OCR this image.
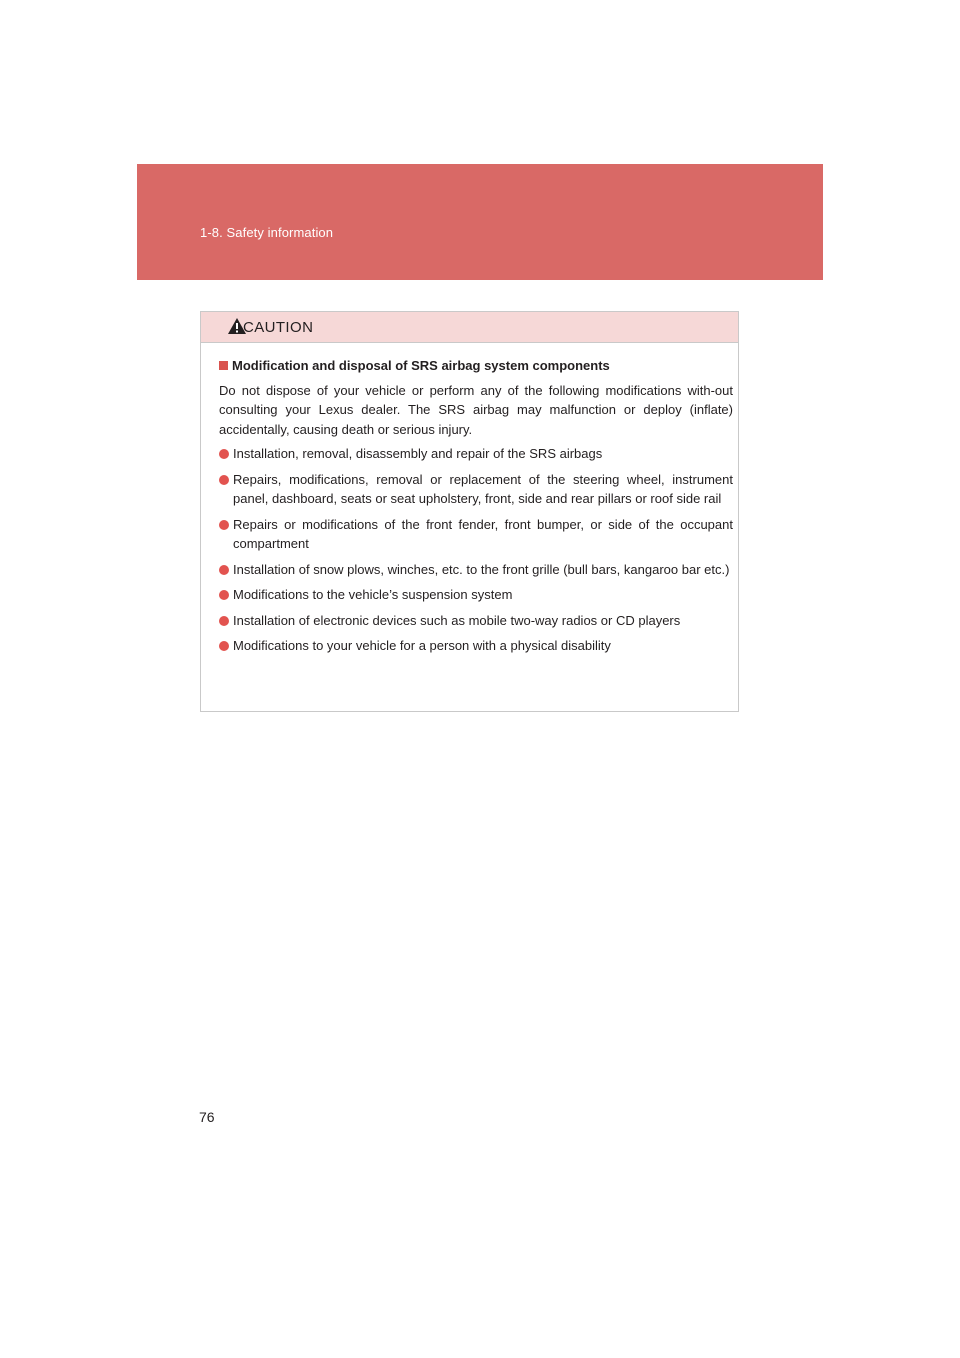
1-8. Safety information
CAUTION
Modification and disposal of SRS airbag system components

Do not dispose of your vehicle or perform any of the following modifications with-out consulting your Lexus dealer. The SRS airbag may malfunction or deploy (inflate) accidentally, causing death or serious injury.

Installation, removal, disassembly and repair of the SRS airbags
Repairs, modifications, removal or replacement of the steering wheel, instrument panel, dashboard, seats or seat upholstery, front, side and rear pillars or roof side rail
Repairs or modifications of the front fender, front bumper, or side of the occupant compartment
Installation of snow plows, winches, etc. to the front grille (bull bars, kangaroo bar etc.)
Modifications to the vehicle’s suspension system
Installation of electronic devices such as mobile two-way radios or CD players
Modifications to your vehicle for a person with a physical disability
76
